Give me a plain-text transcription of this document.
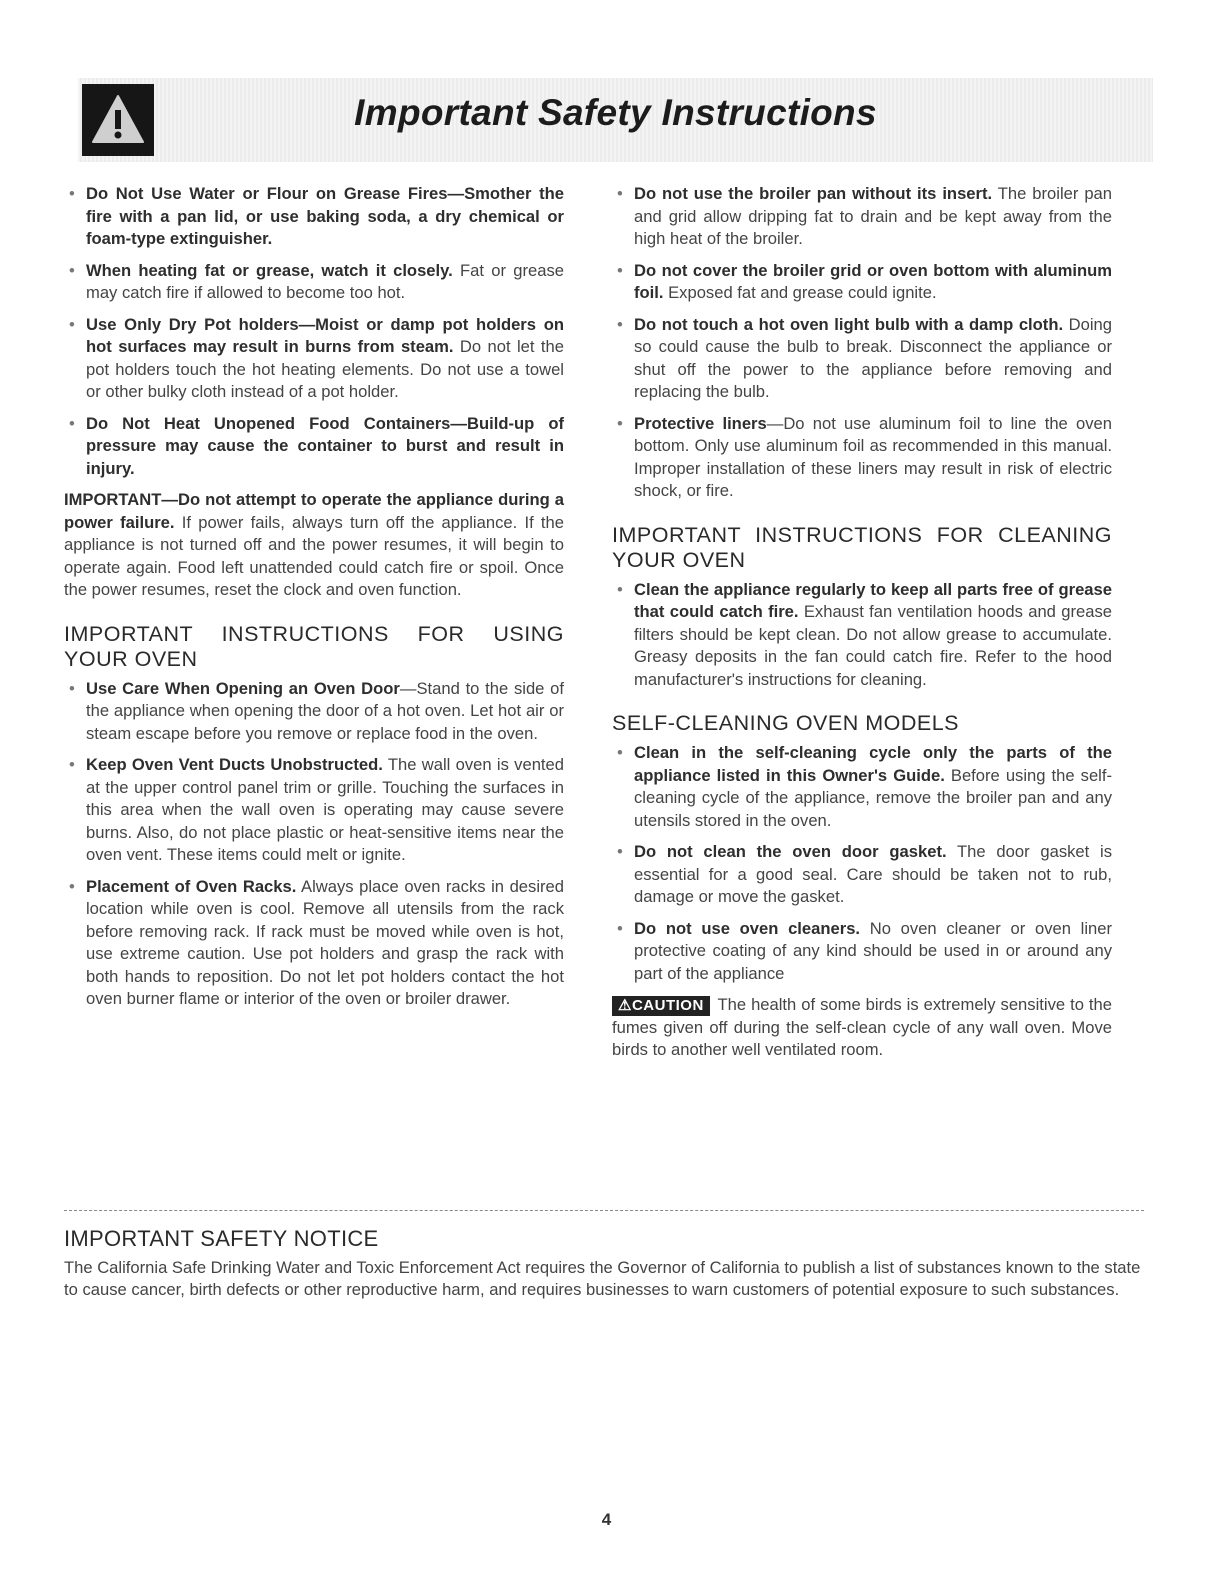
Important Safety Instructions
• Do Not Use Water or Flour on Grease Fires—Smother the fire with a pan lid, or use baking soda, a dry chemical or foam-type extinguisher.
• When heating fat or grease, watch it closely. Fat or grease may catch fire if allowed to become too hot.
• Use Only Dry Pot holders—Moist or damp pot holders on hot surfaces may result in burns from steam. Do not let the pot holders touch the hot heating elements. Do not use a towel or other bulky cloth instead of a pot holder.
• Do Not Heat Unopened Food Containers—Build-up of pressure may cause the container to burst and result in injury.

IMPORTANT—Do not attempt to operate the appliance during a power failure. If power fails, always turn off the appliance. If the appliance is not turned off and the power resumes, it will begin to operate again. Food left unattended could catch fire or spoil. Once the power resumes, reset the clock and oven function.

IMPORTANT INSTRUCTIONS FOR USING YOUR OVEN
• Use Care When Opening an Oven Door—Stand to the side of the appliance when opening the door of a hot oven. Let hot air or steam escape before you remove or replace food in the oven.
• Keep Oven Vent Ducts Unobstructed. The wall oven is vented at the upper control panel trim or grille. Touching the surfaces in this area when the wall oven is operating may cause severe burns. Also, do not place plastic or heat-sensitive items near the oven vent. These items could melt or ignite.
• Placement of Oven Racks. Always place oven racks in desired location while oven is cool. Remove all utensils from the rack before removing rack. If rack must be moved while oven is hot, use extreme caution. Use pot holders and grasp the rack with both hands to reposition. Do not let pot holders contact the hot oven burner flame or interior of the oven or broiler drawer.
• Do not use the broiler pan without its insert. The broiler pan and grid allow dripping fat to drain and be kept away from the high heat of the broiler.
• Do not cover the broiler grid or oven bottom with aluminum foil. Exposed fat and grease could ignite.
• Do not touch a hot oven light bulb with a damp cloth. Doing so could cause the bulb to break. Disconnect the appliance or shut off the power to the appliance before removing and replacing the bulb.
• Protective liners—Do not use aluminum foil to line the oven bottom. Only use aluminum foil as recommended in this manual. Improper installation of these liners may result in risk of electric shock, or fire.
IMPORTANT INSTRUCTIONS FOR CLEANING YOUR OVEN
• Clean the appliance regularly to keep all parts free of grease that could catch fire. Exhaust fan ventilation hoods and grease filters should be kept clean. Do not allow grease to accumulate. Greasy deposits in the fan could catch fire. Refer to the hood manufacturer's instructions for cleaning.
SELF-CLEANING OVEN MODELS
• Clean in the self-cleaning cycle only the parts of the appliance listed in this Owner's Guide. Before using the self-cleaning cycle of the appliance, remove the broiler pan and any utensils stored in the oven.
• Do not clean the oven door gasket. The door gasket is essential for a good seal. Care should be taken not to rub, damage or move the gasket.
• Do not use oven cleaners. No oven cleaner or oven liner protective coating of any kind should be used in or around any part of the appliance

⚠CAUTION The health of some birds is extremely sensitive to the fumes given off during the self-clean cycle of any wall oven. Move birds to another well ventilated room.

IMPORTANT SAFETY NOTICE
The California Safe Drinking Water and Toxic Enforcement Act requires the Governor of California to publish a list of substances known to the state to cause cancer, birth defects or other reproductive harm, and requires businesses to warn customers of potential exposure to such substances.
4
